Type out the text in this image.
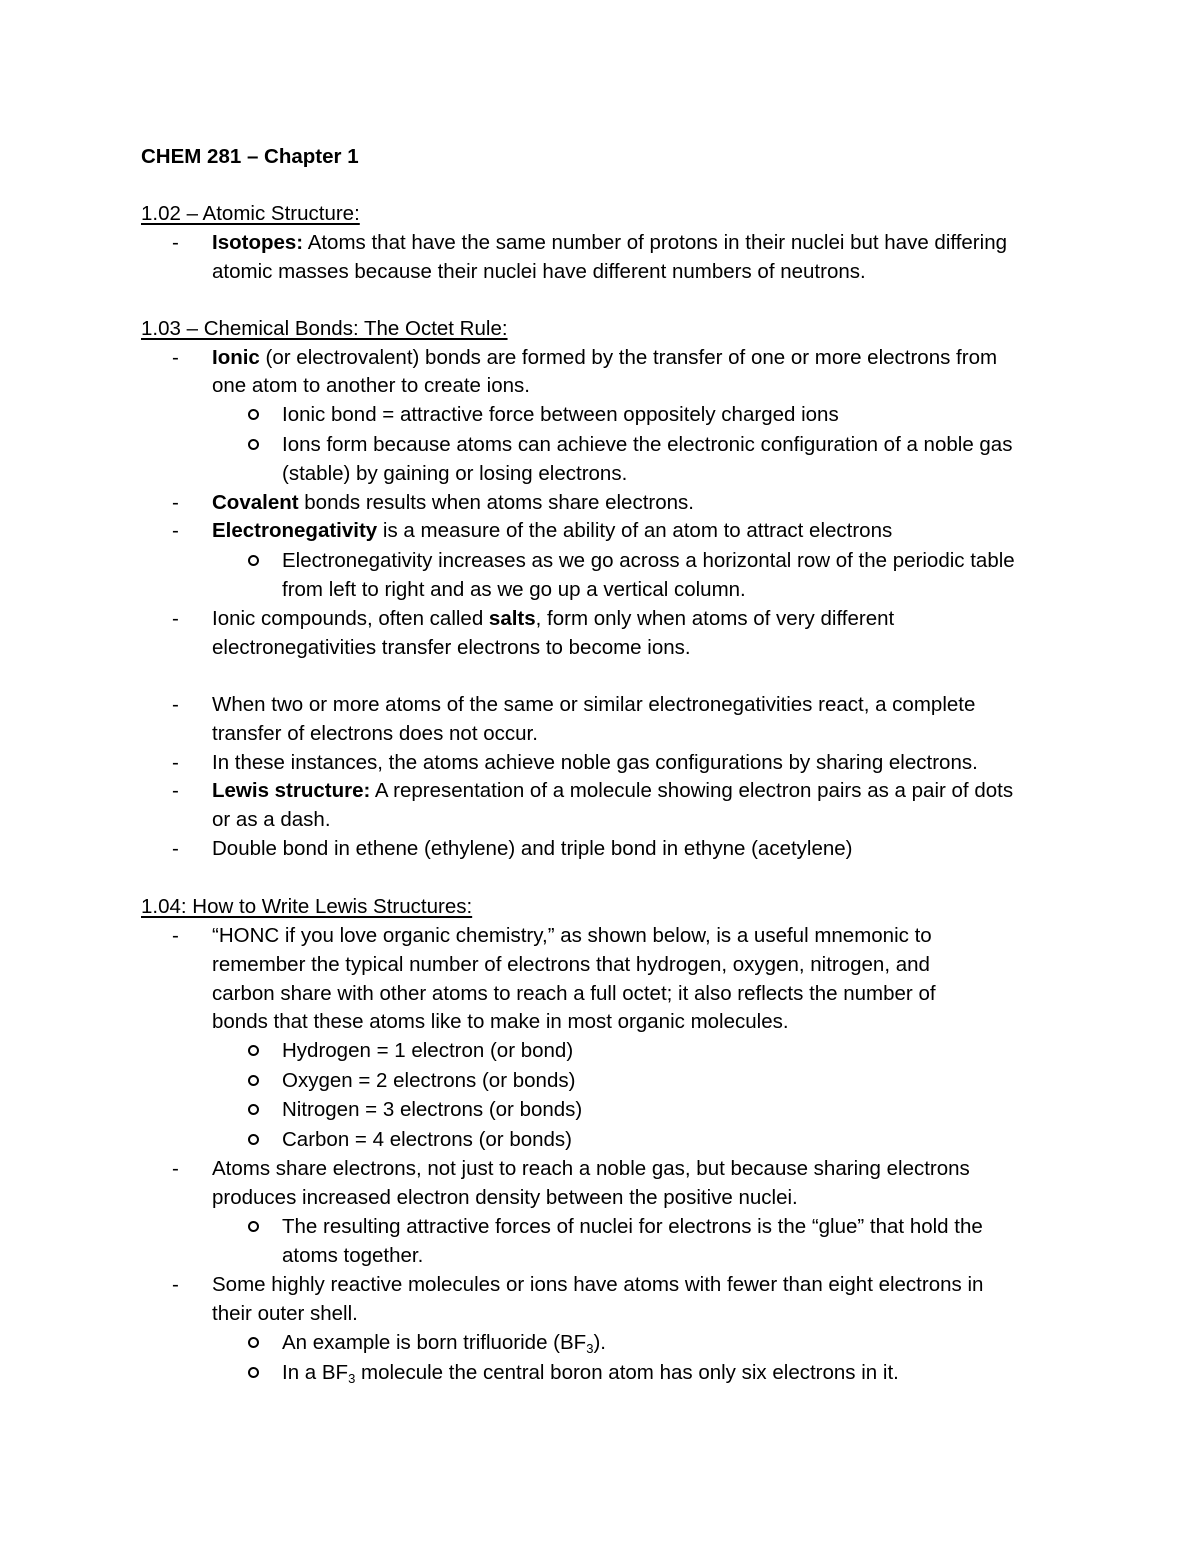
CHEM 281 – Chapter 1
1.02 – Atomic Structure:
- Isotopes: Atoms that have the same number of protons in their nuclei but have differing
atomic masses because their nuclei have different numbers of neutrons.
1.03 – Chemical Bonds: The Octet Rule:
- Ionic (or electrovalent) bonds are formed by the transfer of one or more electrons from
one atom to another to create ions.
Ionic bond = attractive force between oppositely charged ions
Ions form because atoms can achieve the electronic configuration of a noble gas
(stable) by gaining or losing electrons.
- Covalent bonds results when atoms share electrons.
- Electronegativity is a measure of the ability of an atom to attract electrons
Electronegativity increases as we go across a horizontal row of the periodic table
from left to right and as we go up a vertical column.
- Ionic compounds, often called salts, form only when atoms of very different
electronegativities transfer electrons to become ions.
- When two or more atoms of the same or similar electronegativities react, a complete
transfer of electrons does not occur.
- In these instances, the atoms achieve noble gas configurations by sharing electrons.
- Lewis structure: A representation of a molecule showing electron pairs as a pair of dots
or as a dash.
- Double bond in ethene (ethylene) and triple bond in ethyne (acetylene)
1.04: How to Write Lewis Structures:
- “HONC if you love organic chemistry,” as shown below, is a useful mnemonic to
remember the typical number of electrons that hydrogen, oxygen, nitrogen, and
carbon share with other atoms to reach a full octet; it also reflects the number of
bonds that these atoms like to make in most organic molecules.
Hydrogen = 1 electron (or bond)
Oxygen = 2 electrons (or bonds)
Nitrogen = 3 electrons (or bonds)
Carbon = 4 electrons (or bonds)
- Atoms share electrons, not just to reach a noble gas, but because sharing electrons
produces increased electron density between the positive nuclei.
The resulting attractive forces of nuclei for electrons is the “glue” that hold the
atoms together.
- Some highly reactive molecules or ions have atoms with fewer than eight electrons in
their outer shell.
An example is born trifluoride $(BF_3)$.
In a $BF_3$ molecule the central boron atom has only six electrons in it.
